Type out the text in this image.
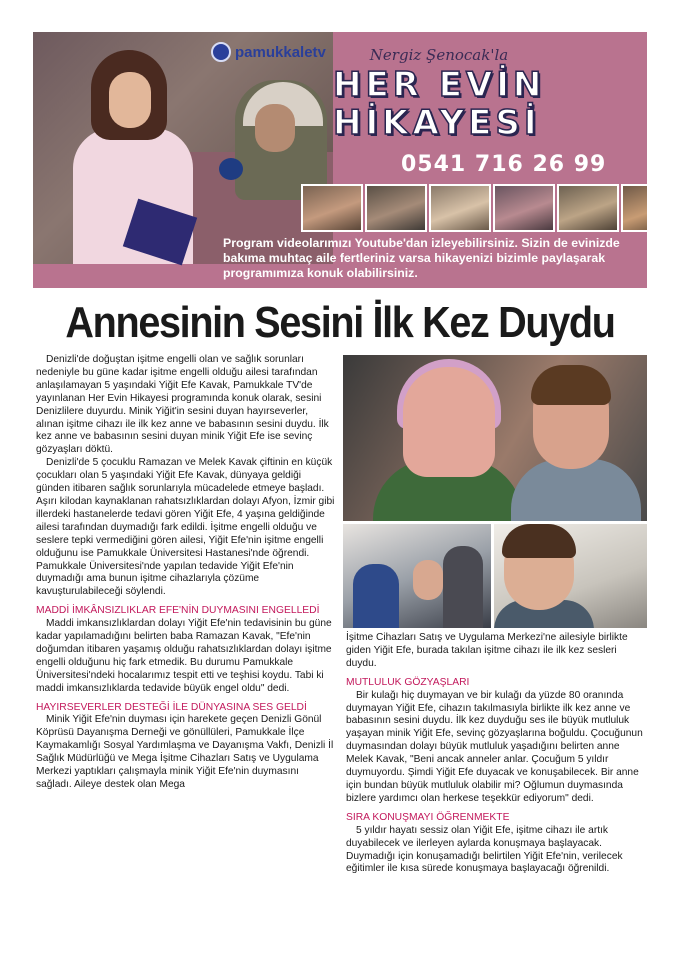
pamukkaletv	Nergiz Şenocak'la
HER EVİN
HİKAYESİ
0541 716 26 99
Program videolarımızı Youtube'dan izleyebilirsiniz. Sizin de evinizde bakıma muhtaç aile fertleriniz varsa hikayenizi bizimle paylaşarak programımıza konuk olabilirsiniz.
Annesinin Sesini İlk Kez Duydu

Denizli'de doğuştan işitme engelli olan ve sağlık sorunları nedeniyle bu güne kadar işitme engelli olduğu ailesi tarafından anlaşılamayan 5 yaşındaki Yiğit Efe Kavak, Pamukkale TV'de yayınlanan Her Evin Hikayesi programında konuk olarak, sesini Denizlilere duyurdu. Minik Yiğit'in sesini duyan hayırseverler, alınan işitme cihazı ile ilk kez anne ve babasının sesini duydu. İlk kez anne ve babasının sesini duyan minik Yiğit Efe ise sevinç gözyaşları döktü.

Denizli'de 5 çocuklu Ramazan ve Melek Kavak çiftinin en küçük çocukları olan 5 yaşındaki Yiğit Efe Kavak, dünyaya geldiği günden itibaren sağlık sorunlarıyla mücadelede etmeye başladı. Aşırı kilodan kaynaklanan rahatsızlıklardan dolayı Afyon, İzmir gibi illerdeki hastanelerde tedavi gören Yiğit Efe, 4 yaşına geldiğinde ailesi tarafından duymadığı fark edildi. İşitme engelli olduğu ve seslere tepki vermediğini gören ailesi, Yiğit Efe'nin işitme engelli olduğunu ise Pamukkale Üniversitesi Hastanesi'nde öğrendi. Pamukkale Üniversitesi'nde yapılan tedavide Yiğit Efe'nin duymadığı ama bunun işitme cihazlarıyla çözüme kavuşturulabileceği söylendi.

MADDİ İMKÂNSIZLIKLAR EFE'NİN DUYMASINI ENGELLEDİ

Maddi imkansızlıklardan dolayı Yiğit Efe'nin tedavisinin bu güne kadar yapılamadığını belirten baba Ramazan Kavak, "Efe'nin doğumdan itibaren yaşamış olduğu rahatsızlıklardan dolayı işitme engelli olduğunu hiç fark etmedik. Bu durumu Pamukkale Üniversitesi'ndeki hocalarımız tespit etti ve teşhisi koydu. Tabi ki maddi imkansızlıklarda tedavide büyük engel oldu" dedi.

HAYIRSEVERLER DESTEĞİ İLE DÜNYASINA SES GELDİ

Minik Yiğit Efe'nin duyması için harekete geçen Denizli Gönül Köprüsü Dayanışma Derneği ve gönüllüleri, Pamukkale İlçe Kaymakamlığı Sosyal Yardımlaşma ve Dayanışma Vakfı, Denizli İl Sağlık Müdürlüğü ve Mega İşitme Cihazları Satış ve Uygulama Merkezi yaptıkları çalışmayla minik Yiğit Efe'nin duymasını sağladı. Aileye destek olan Mega

İşitme Cihazları Satış ve Uygulama Merkezi'ne ailesiyle birlikte giden Yiğit Efe, burada takılan işitme cihazı ile ilk kez sesleri duydu.

MUTLULUK GÖZYAŞLARI

Bir kulağı hiç duymayan ve bir kulağı da yüzde 80 oranında duymayan Yiğit Efe, cihazın takılmasıyla birlikte ilk kez anne ve babasının sesini duydu. İlk kez duyduğu ses ile büyük mutluluk yaşayan minik Yiğit Efe, sevinç gözyaşlarına boğuldu. Çocuğunun duymasından dolayı büyük mutluluk yaşadığını belirten anne Melek Kavak, "Beni ancak anneler anlar. Çocuğum 5 yıldır duymuyordu. Şimdi Yiğit Efe duyacak ve konuşabilecek. Bir anne için bundan büyük mutluluk olabilir mi? Oğlumun duymasında bizlere yardımcı olan herkese teşekkür ediyorum" dedi.

SIRA KONUŞMAYI ÖĞRENMEKTE

5 yıldır hayatı sessiz olan Yiğit Efe, işitme cihazı ile artık duyabilecek ve ilerleyen aylarda konuşmaya başlayacak. Duymadığı için konuşamadığı belirtilen Yiğit Efe'nin, verilecek eğitimler ile kısa sürede konuşmaya başlayacağı öğrenildi.
